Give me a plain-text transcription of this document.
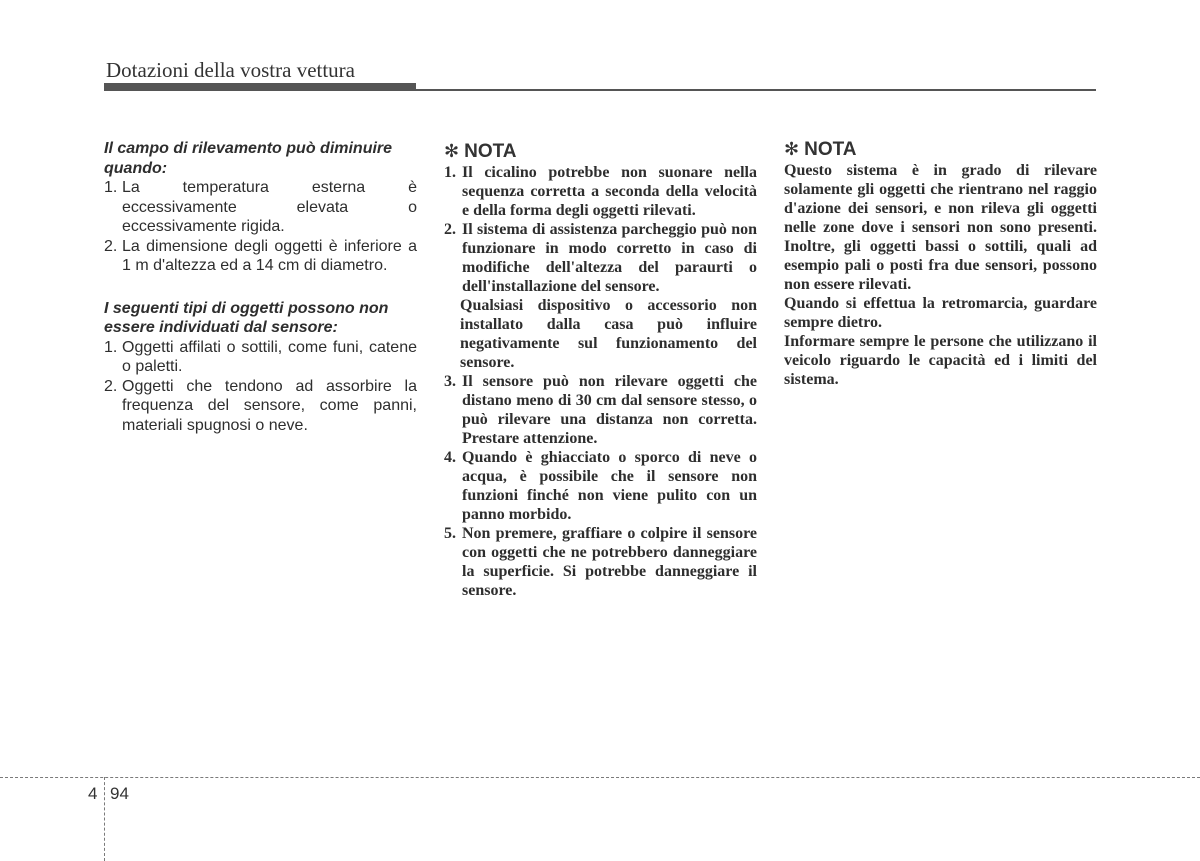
Dotazioni della vostra vettura

Il campo di rilevamento può diminuire quando:

1. La temperatura esterna è eccessivamente elevata o eccessivamente rigida.
2. La dimensione degli oggetti è inferiore a 1 m d'altezza ed a 14 cm di diametro.

I seguenti tipi di oggetti possono non essere individuati dal sensore:

1. Oggetti affilati o sottili, come funi, catene o paletti.
2. Oggetti che tendono ad assorbire la frequenza del sensore, come panni, materiali spugnosi o neve.
✻ NOTA
1. Il cicalino potrebbe non suonare nella sequenza corretta a seconda della velocità e della forma degli oggetti rilevati.
2. Il sistema di assistenza parcheggio può non funzionare in modo corretto in caso di modifiche dell'altezza del paraurti o dell'installazione del sensore.
Qualsiasi dispositivo o accessorio non installato dalla casa può influire negativamente sul funzionamento del sensore.
3. Il sensore può non rilevare oggetti che distano meno di 30 cm dal sensore stesso, o può rilevare una distanza non corretta. Prestare attenzione.
4. Quando è ghiacciato o sporco di neve o acqua, è possibile che il sensore non funzioni finché non viene pulito con un panno morbido.
5. Non premere, graffiare o colpire il sensore con oggetti che ne potrebbero danneggiare la superficie. Si potrebbe danneggiare il sensore.
✻ NOTA

Questo sistema è in grado di rilevare solamente gli oggetti che rientrano nel raggio d'azione dei sensori, e non rileva gli oggetti nelle zone dove i sensori non sono presenti. Inoltre, gli oggetti bassi o sottili, quali ad esempio pali o posti fra due sensori, possono non essere rilevati.

Quando si effettua la retromarcia, guardare sempre dietro.

Informare sempre le persone che utilizzano il veicolo riguardo le capacità ed i limiti del sistema.

4 94
